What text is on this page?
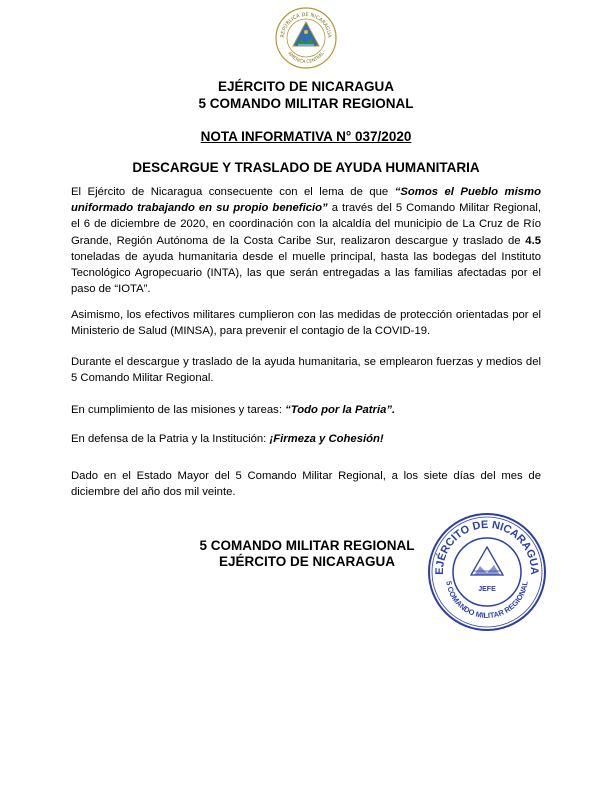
REPÚBLICA DE NICARAGUA
AMÉRICA CENTRAL
EJÉRCITO DE NICARAGUA
5 COMANDO MILITAR REGIONAL
NOTA INFORMATIVA N° 037/2020
DESCARGUE Y TRASLADO DE AYUDA HUMANITARIA
El Ejército de Nicaragua consecuente con el lema de que “Somos el Pueblo mismo uniformado trabajando en su propio beneficio” a través del 5 Comando Militar Regional, el 6 de diciembre de 2020, en coordinación con la alcaldía del municipio de La Cruz de Río Grande, Región Autónoma de la Costa Caribe Sur, realizaron descargue y traslado de 4.5 toneladas de ayuda humanitaria desde el muelle principal, hasta las bodegas del Instituto Tecnológico Agropecuario (INTA), las que serán entregadas a las familias afectadas por el paso de “IOTA”.
Asimismo, los efectivos militares cumplieron con las medidas de protección orientadas por el Ministerio de Salud (MINSA), para prevenir el contagio de la COVID-19.
Durante el descargue y traslado de la ayuda humanitaria, se emplearon fuerzas y medios del 5 Comando Militar Regional.
En cumplimiento de las misiones y tareas: “Todo por la Patria”.
En defensa de la Patria y la Institución: ¡Firmeza y Cohesión!
Dado en el Estado Mayor del 5 Comando Militar Regional, a los siete días del mes de diciembre del año dos mil veinte.
5 COMANDO MILITAR REGIONAL
EJÉRCITO DE NICARAGUA
EJÉRCITO DE NICARAGUA
5 COMANDO MILITAR REGIONAL
JEFE
